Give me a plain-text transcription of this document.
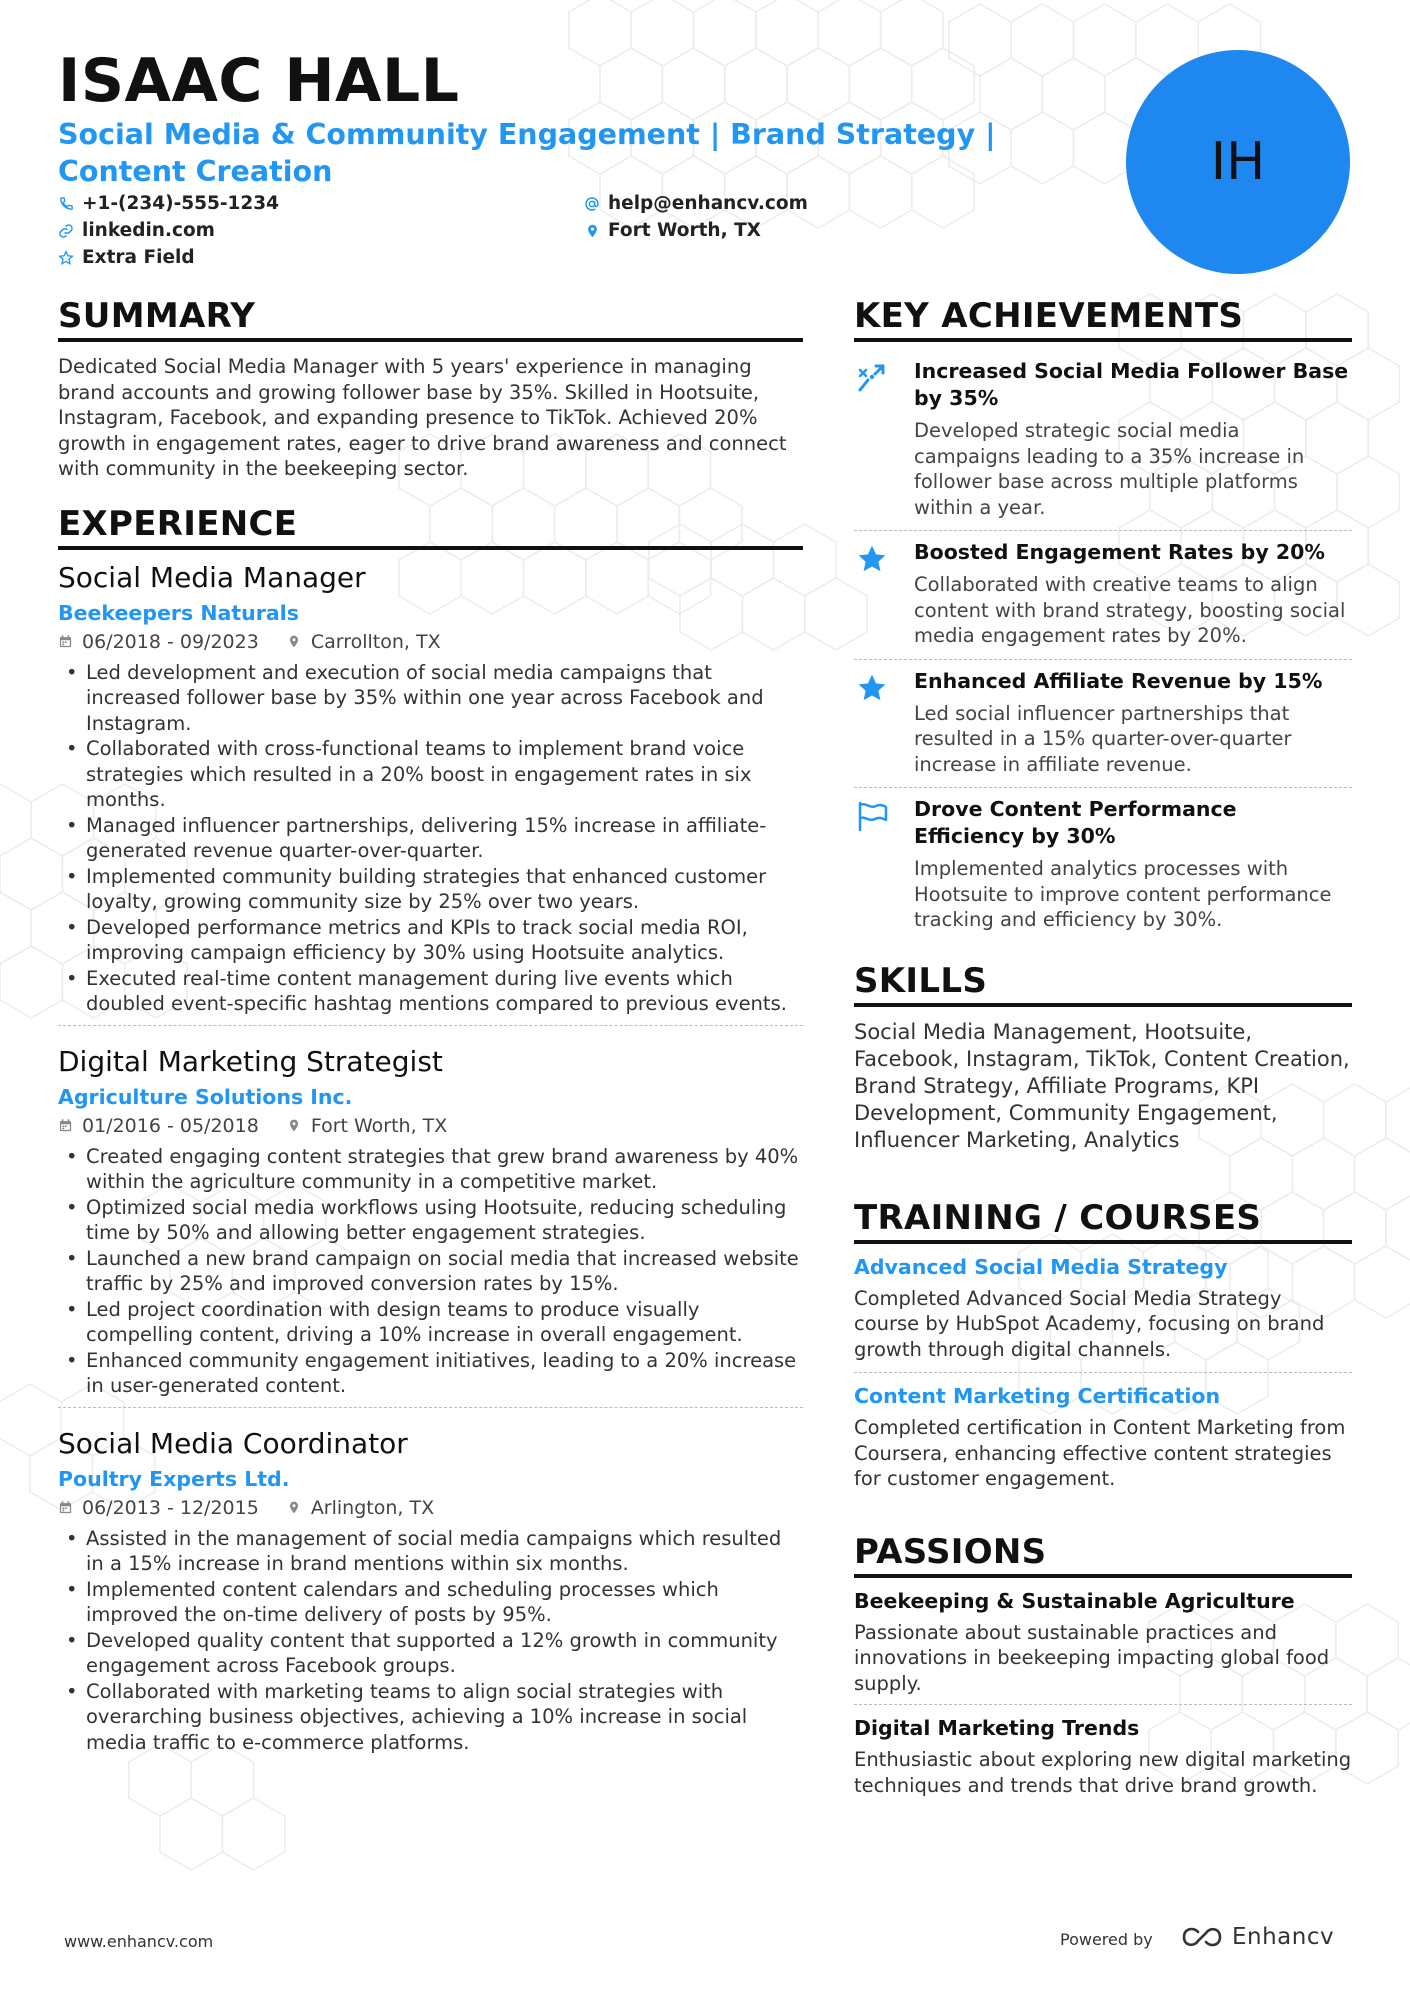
ISAAC HALL
Social Media & Community Engagement | Brand Strategy | Content Creation
+1-(234)-555-1234	help@enhancv.com
linkedin.com	Fort Worth, TX
Extra Field
IH
SUMMARY
Dedicated Social Media Manager with 5 years' experience in managing brand accounts and growing follower base by 35%. Skilled in Hootsuite, Instagram, Facebook, and expanding presence to TikTok. Achieved 20% growth in engagement rates, eager to drive brand awareness and connect with community in the beekeeping sector.
EXPERIENCE
Social Media Manager
Beekeepers Naturals
06/2018 - 09/2023	Carrollton, TX
• Led development and execution of social media campaigns that increased follower base by 35% within one year across Facebook and Instagram.
• Collaborated with cross-functional teams to implement brand voice strategies which resulted in a 20% boost in engagement rates in six months.
• Managed influencer partnerships, delivering 15% increase in affiliate-generated revenue quarter-over-quarter.
• Implemented community building strategies that enhanced customer loyalty, growing community size by 25% over two years.
• Developed performance metrics and KPIs to track social media ROI, improving campaign efficiency by 30% using Hootsuite analytics.
• Executed real-time content management during live events which doubled event-specific hashtag mentions compared to previous events.
Digital Marketing Strategist
Agriculture Solutions Inc.
01/2016 - 05/2018	Fort Worth, TX
• Created engaging content strategies that grew brand awareness by 40% within the agriculture community in a competitive market.
• Optimized social media workflows using Hootsuite, reducing scheduling time by 50% and allowing better engagement strategies.
• Launched a new brand campaign on social media that increased website traffic by 25% and improved conversion rates by 15%.
• Led project coordination with design teams to produce visually compelling content, driving a 10% increase in overall engagement.
• Enhanced community engagement initiatives, leading to a 20% increase in user-generated content.
Social Media Coordinator
Poultry Experts Ltd.
06/2013 - 12/2015	Arlington, TX
• Assisted in the management of social media campaigns which resulted in a 15% increase in brand mentions within six months.
• Implemented content calendars and scheduling processes which improved the on-time delivery of posts by 95%.
• Developed quality content that supported a 12% growth in community engagement across Facebook groups.
• Collaborated with marketing teams to align social strategies with overarching business objectives, achieving a 10% increase in social media traffic to e-commerce platforms.
KEY ACHIEVEMENTS
Increased Social Media Follower Base by 35%
Developed strategic social media campaigns leading to a 35% increase in follower base across multiple platforms within a year.
Boosted Engagement Rates by 20%
Collaborated with creative teams to align content with brand strategy, boosting social media engagement rates by 20%.
Enhanced Affiliate Revenue by 15%
Led social influencer partnerships that resulted in a 15% quarter-over-quarter increase in affiliate revenue.
Drove Content Performance Efficiency by 30%
Implemented analytics processes with Hootsuite to improve content performance tracking and efficiency by 30%.
SKILLS
Social Media Management, Hootsuite, Facebook, Instagram, TikTok, Content Creation, Brand Strategy, Affiliate Programs, KPI Development, Community Engagement, Influencer Marketing, Analytics
TRAINING / COURSES
Advanced Social Media Strategy
Completed Advanced Social Media Strategy course by HubSpot Academy, focusing on brand growth through digital channels.
Content Marketing Certification
Completed certification in Content Marketing from Coursera, enhancing effective content strategies for customer engagement.
PASSIONS
Beekeeping & Sustainable Agriculture
Passionate about sustainable practices and innovations in beekeeping impacting global food supply.
Digital Marketing Trends
Enthusiastic about exploring new digital marketing techniques and trends that drive brand growth.
www.enhancv.com	Powered by	Enhancv
